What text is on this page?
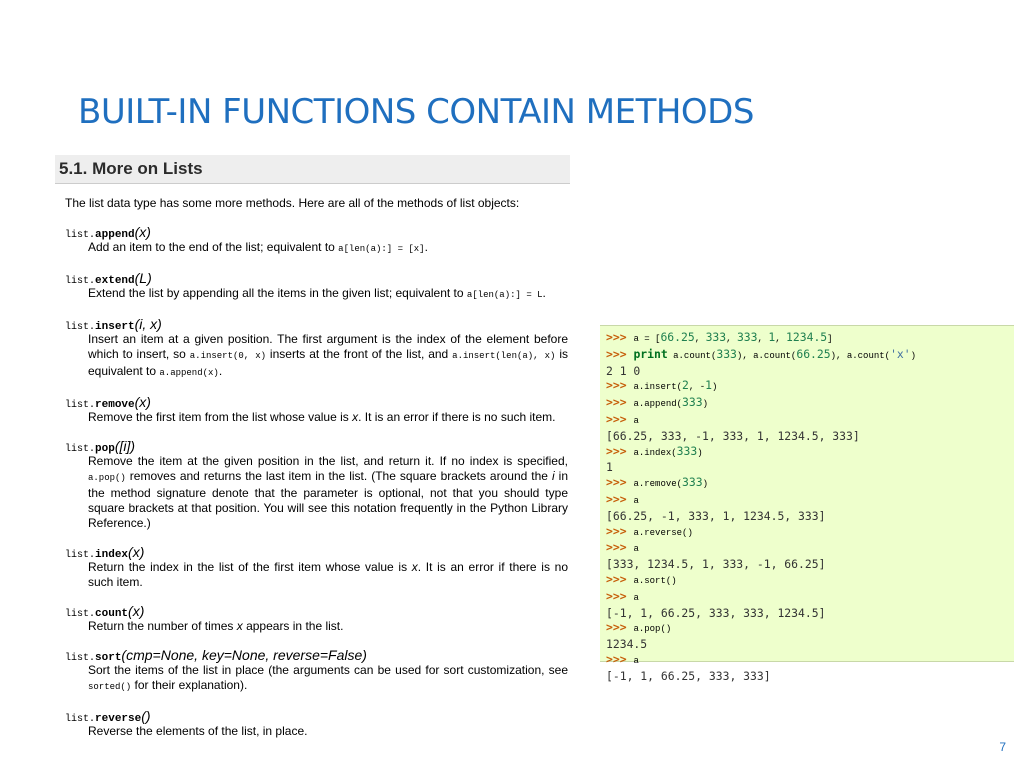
BUILT-IN FUNCTIONS CONTAIN METHODS
5.1. More on Lists
The list data type has some more methods. Here are all of the methods of list objects:
list.append(x)
Add an item to the end of the list; equivalent to a[len(a):] = [x].
list.extend(L)
Extend the list by appending all the items in the given list; equivalent to a[len(a):] = L.
list.insert(i, x)
Insert an item at a given position. The first argument is the index of the element before which to insert, so a.insert(0, x) inserts at the front of the list, and a.insert(len(a), x) is equivalent to a.append(x).
list.remove(x)
Remove the first item from the list whose value is x. It is an error if there is no such item.
list.pop([i])
Remove the item at the given position in the list, and return it. If no index is specified, a.pop() removes and returns the last item in the list. (The square brackets around the i in the method signature denote that the parameter is optional, not that you should type square brackets at that position. You will see this notation frequently in the Python Library Reference.)
list.index(x)
Return the index in the list of the first item whose value is x. It is an error if there is no such item.
list.count(x)
Return the number of times x appears in the list.
list.sort(cmp=None, key=None, reverse=False)
Sort the items of the list in place (the arguments can be used for sort customization, see sorted() for their explanation).
list.reverse()
Reverse the elements of the list, in place.
>>> a = [66.25, 333, 333, 1, 1234.5]
>>> print a.count(333), a.count(66.25), a.count('x')
2 1 0
>>> a.insert(2, -1)
>>> a.append(333)
>>> a
[66.25, 333, -1, 333, 1, 1234.5, 333]
>>> a.index(333)
1
>>> a.remove(333)
>>> a
[66.25, -1, 333, 1, 1234.5, 333]
>>> a.reverse()
>>> a
[333, 1234.5, 1, 333, -1, 66.25]
>>> a.sort()
>>> a
[-1, 1, 66.25, 333, 333, 1234.5]
>>> a.pop()
1234.5
>>> a
[-1, 1, 66.25, 333, 333]
7
